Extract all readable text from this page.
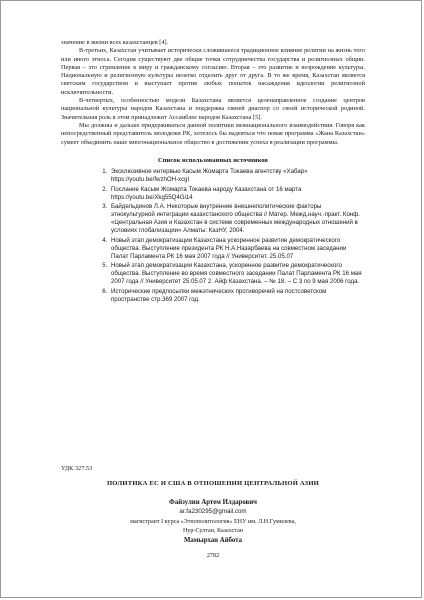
значение в жизни всех казахстанцев [4].

В-третьих, Казахстан учитывает исторически сложившееся традиционное влияние религии на жизнь того или иного этноса. Сегодня существуют две общие точки сотрудничества государства и религиозных общин. Первая – это стремление к миру и гражданскому согласию. Вторая – это развитие и возрождение культуры. Национальную и религиозную культуры нелегко отделить друг от друга. В то же время, Казахстан является светским государством и выступает против любых попыток насаждения идеологии религиозной исключительности.

В-четвертых, особенностью модели Казахстана является целенаправленное создание центров национальной культуры народов Казахстана и поддержка связей диаспор со своей исторической родиной. Значительная роль в этом принадлежит Ассамблее народов Казахстана [5].

Мы должны и дальше придерживаться данной политики межнационального взаимодействия. Говоря как непосредственный представитель молодежи РК, хотелось бы надеяться что новая программа «Жана Казахстан» сумеет объединить наше многонациональное общество в достижении успеха в реализации программы.

Список использованных источников
1. Эксклюзивное интервью Касым Жомарта Токаева агентству «Хабар» https://youtu.be/fwzhOH-xcgI
2. Послание Касым Жомарта Токаева народу Казахстана от 16 марта https://youtu.be/Xkg55Q4Gi14
3. Байдельдинов Л.А. Некоторые внутренние внешнеполитические факторы этнокультурной интеграции казахстанского общества // Матер. Межд.науч.-практ. Конф. «Центральная Азия и Казахстан в системе современных международных отношений в условиях глобализации» Алматы: КазНУ, 2004.
4. Новый этап демократизации Казахстана ускоренное развитие демократического общества. Выступление президента РК Н.А.Назарбаева на совместном заседании Палат Парламента РК 16 мая 2007 года // Университет. 25.05.07
5. Новый этап демократизации Казахстана, ускоренное развитие демократического общества. Выступление во время совместного заседании Палат Парламента РК 16 мая 2007 года // Университет 25.05.07 2. Айф Казахстана. – № 18. – С 3 по 9 мая 2006 года.
6. Исторические предпосылки межэтнических противоречий на постсоветском пространстве стр.369 2007 год.

УДК 327.53

ПОЛИТИКА ЕС И США В ОТНОШЕНИИ ЦЕНТРАЛЬНОЙ АЗИИ

Файзулин Артем Илдарович

ar.fa230295@gmail.com

магистрант I курса «Этнополитология» ЕНУ им. Л.Н.Гумилева,

Нур-Султан, Казахстан

Мамырхан Айбота

2782
